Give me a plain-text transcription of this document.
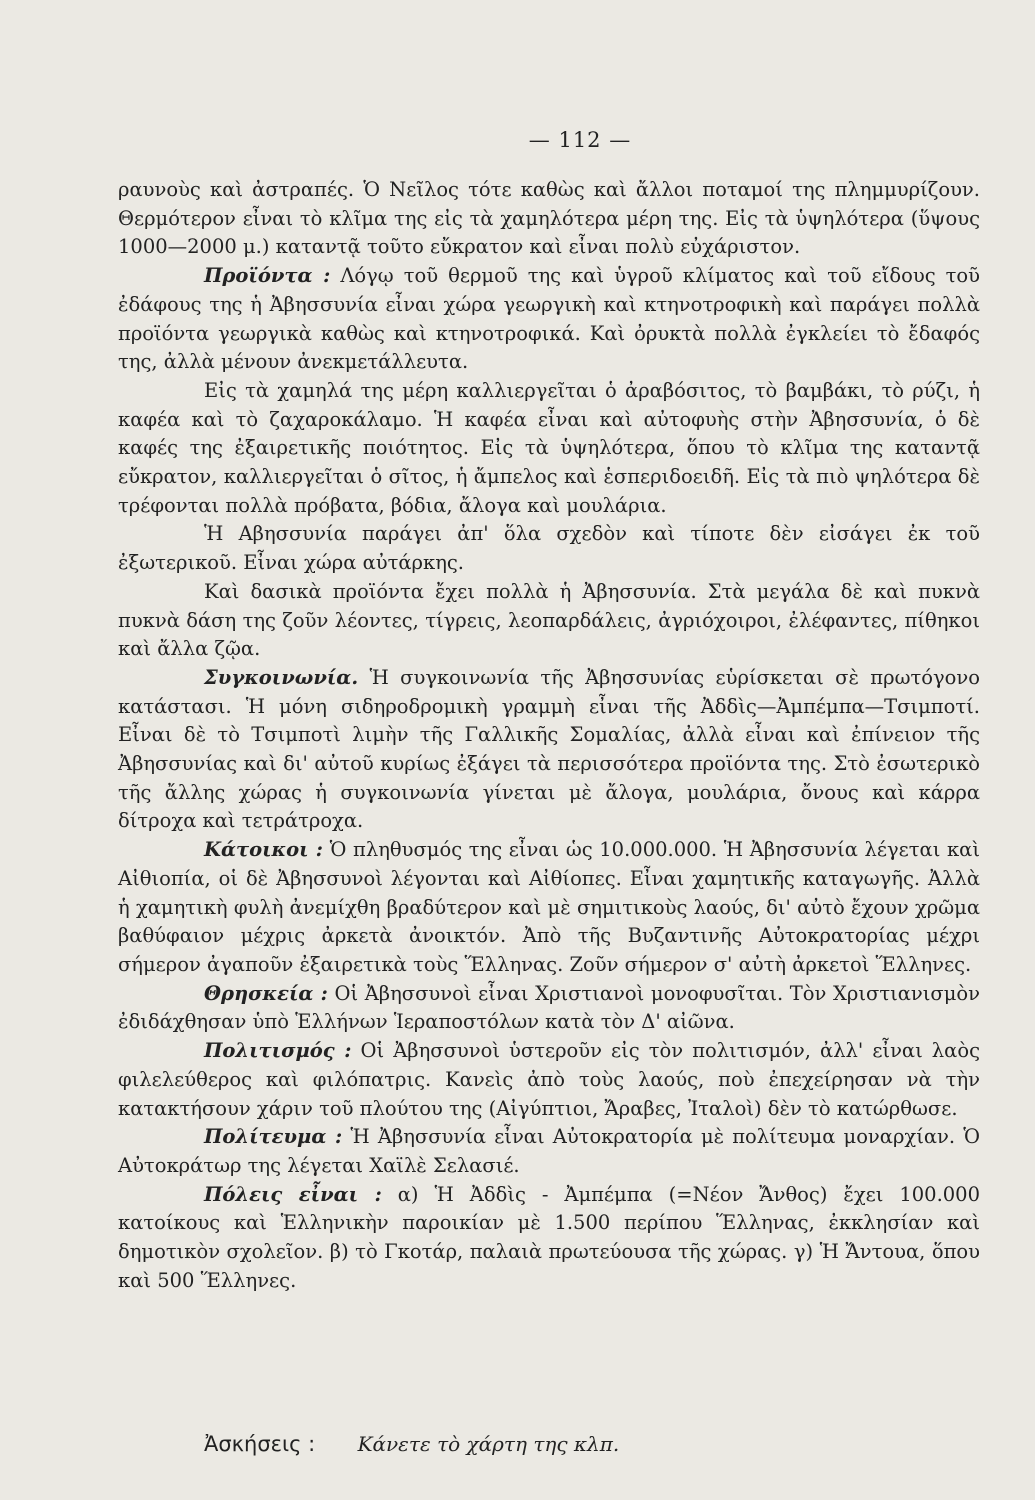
— 112 —

ραυνοὺς καὶ ἀστραπές. Ὁ Νεῖλος τότε καθὼς καὶ ἄλλοι ποταμοί της πλημμυρίζουν. Θερμότερον εἶναι τὸ κλῖμα της εἰς τὰ χαμηλότερα μέρη της. Εἰς τὰ ὑψηλότερα (ὕψους 1000—2000 μ.) καταντᾷ τοῦτο εὔκρατον καὶ εἶναι πολὺ εὐχάριστον.

Προϊόντα : Λόγῳ τοῦ θερμοῦ της καὶ ὑγροῦ κλίματος καὶ τοῦ εἴδους τοῦ ἐδάφους της ἡ Ἀβησσυνία εἶναι χώρα γεωργικὴ καὶ κτηνοτροφικὴ καὶ παράγει πολλὰ προϊόντα γεωργικὰ καθὼς καὶ κτηνοτροφικά. Καὶ ὀρυκτὰ πολλὰ ἐγκλείει τὸ ἔδαφός της, ἀλλὰ μένουν ἀνεκμετάλλευτα.

Εἰς τὰ χαμηλά της μέρη καλλιεργεῖται ὁ ἀραβόσιτος, τὸ βαμβάκι, τὸ ρύζι, ἡ καφέα καὶ τὸ ζαχαροκάλαμο. Ἡ καφέα εἶναι καὶ αὐτοφυὴς στὴν Ἀβησσυνία, ὁ δὲ καφές της ἐξαιρετικῆς ποιότητος. Εἰς τὰ ὑψηλότερα, ὅπου τὸ κλῖμα της καταντᾷ εὔκρατον, καλλιεργεῖται ὁ σῖτος, ἡ ἄμπελος καὶ ἑσπεριδοειδῆ. Εἰς τὰ πιὸ ψηλότερα δὲ τρέφονται πολλὰ πρόβατα, βόδια, ἄλογα καὶ μουλάρια.

Ἡ Αβησσυνία παράγει ἀπ' ὅλα σχεδὸν καὶ τίποτε δὲν εἰσάγει ἐκ τοῦ ἐξωτερικοῦ. Εἶναι χώρα αὐτάρκης.

Καὶ δασικὰ προϊόντα ἔχει πολλὰ ἡ Ἀβησσυνία. Στὰ μεγάλα δὲ καὶ πυκνὰ πυκνὰ δάση της ζοῦν λέοντες, τίγρεις, λεοπαρδάλεις, ἀγριόχοιροι, ἐλέφαντες, πίθηκοι καὶ ἄλλα ζῷα.

Συγκοινωνία. Ἡ συγκοινωνία τῆς Ἀβησσυνίας εὑρίσκεται σὲ πρωτόγονο κατάστασι. Ἡ μόνη σιδηροδρομικὴ γραμμὴ εἶναι τῆς Ἀδδὶς—Ἀμπέμπα—Τσιμποτί. Εἶναι δὲ τὸ Τσιμποτὶ λιμὴν τῆς Γαλλικῆς Σομαλίας, ἀλλὰ εἶναι καὶ ἐπίνειον τῆς Ἀβησσυνίας καὶ δι' αὐτοῦ κυρίως ἐξάγει τὰ περισσότερα προϊόντα της. Στὸ ἐσωτερικὸ τῆς ἄλλης χώρας ἡ συγκοινωνία γίνεται μὲ ἄλογα, μουλάρια, ὄνους καὶ κάρρα δίτροχα καὶ τετράτροχα.

Κάτοικοι : Ὁ πληθυσμός της εἶναι ὡς 10.000.000. Ἡ Ἀβησσυνία λέγεται καὶ Αἰθιοπία, οἱ δὲ Ἀβησσυνοὶ λέγονται καὶ Αἰθίοπες. Εἶναι χαμητικῆς καταγωγῆς. Ἀλλὰ ἡ χαμητικὴ φυλὴ ἀνεμίχθη βραδύτερον καὶ μὲ σημιτικοὺς λαούς, δι' αὐτὸ ἔχουν χρῶμα βαθύφαιον μέχρις ἀρκετὰ ἀνοικτόν. Ἀπὸ τῆς Βυζαντινῆς Αὐτοκρατορίας μέχρι σήμερον ἀγαποῦν ἐξαιρετικὰ τοὺς Ἕλληνας. Ζοῦν σήμερον σ' αὐτὴ ἀρκετοὶ Ἕλληνες.

Θρησκεία : Οἱ Ἀβησσυνοὶ εἶναι Χριστιανοὶ μονοφυσῖται. Τὸν Χριστιανισμὸν ἐδιδάχθησαν ὑπὸ Ἑλλήνων Ἱεραποστόλων κατὰ τὸν Δ' αἰῶνα.

Πολιτισμός : Οἱ Ἀβησσυνοὶ ὑστεροῦν εἰς τὸν πολιτισμόν, ἀλλ' εἶναι λαὸς φιλελεύθερος καὶ φιλόπατρις. Κανεὶς ἀπὸ τοὺς λαούς, ποὺ ἐπεχείρησαν νὰ τὴν κατακτήσουν χάριν τοῦ πλούτου της (Αἰγύπτιοι, Ἄραβες, Ἰταλοὶ) δὲν τὸ κατώρθωσε.

Πολίτευμα : Ἡ Ἀβησσυνία εἶναι Αὐτοκρατορία μὲ πολίτευμα μοναρχίαν. Ὁ Αὐτοκράτωρ της λέγεται Χαϊλὲ Σελασιέ.

Πόλεις εἶναι : α) Ἡ Ἀδδὶς - Ἀμπέμπα (=Νέον Ἄνθος) ἔχει 100.000 κατοίκους καὶ Ἑλληνικὴν παροικίαν μὲ 1.500 περίπου Ἕλληνας, ἐκκλησίαν καὶ δημοτικὸν σχολεῖον. β) τὸ Γκοτάρ, παλαιὰ πρωτεύουσα τῆς χώρας. γ) Ἡ Ἄντουα, ὅπου καὶ 500 Ἕλληνες.

Ἀσκήσεις : Κάνετε τὸ χάρτη της κλπ.
